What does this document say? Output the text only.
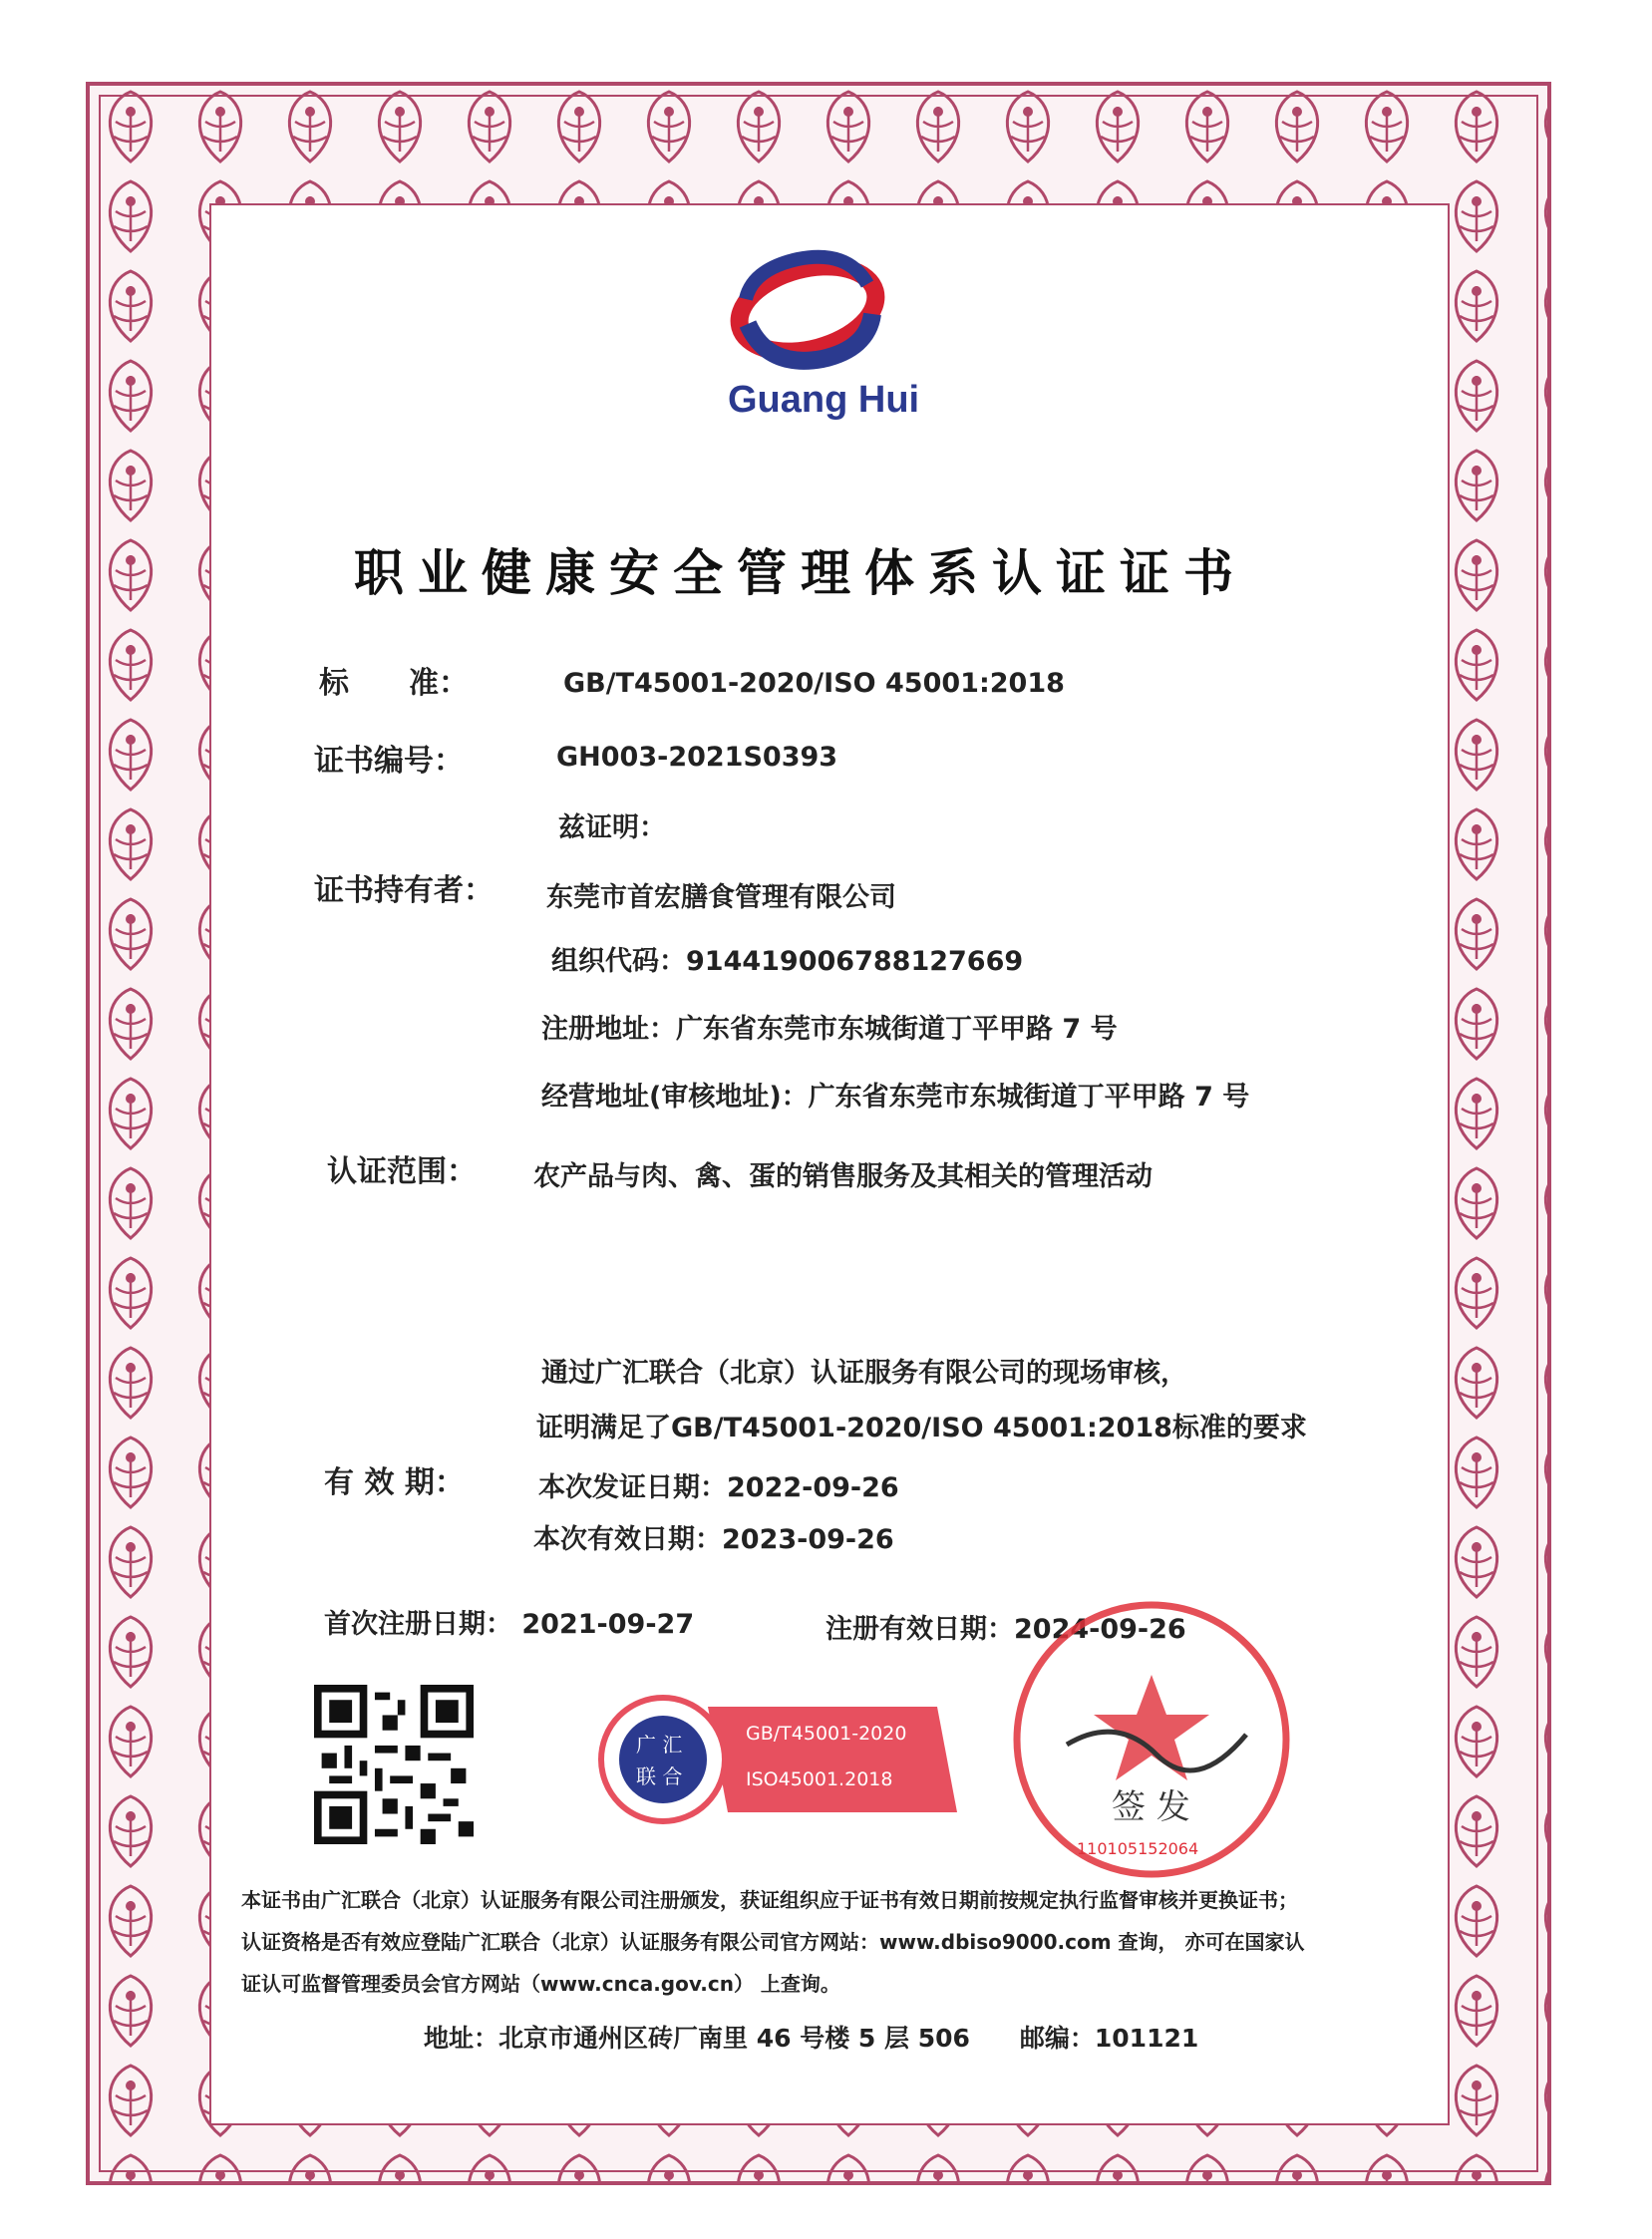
Guang Hui
职业健康安全管理体系认证证书
标　　准：	GB/T45001-2020/ISO 45001:2018
证书编号：	GH003-2021S0393
兹证明：
证书持有者： 东莞市首宏膳食管理有限公司
组织代码：914419006788127669
注册地址：广东省东莞市东城街道丁平甲路 7 号
经营地址(审核地址)：广东省东莞市东城街道丁平甲路 7 号
认证范围： 农产品与肉、禽、蛋的销售服务及其相关的管理活动
通过广汇联合（北京）认证服务有限公司的现场审核，
证明满足了GB/T45001-2020/ISO 45001:2018标准的要求
有 效 期：	本次发证日期：2022-09-26
本次有效日期：2023-09-26
首次注册日期： 2021-09-27	注册有效日期：2024-09-26
广 汇
联 合
GB/T45001-2020
ISO45001.2018
签 发
110105152064
本证书由广汇联合（北京）认证服务有限公司注册颁发，获证组织应于证书有效日期前按规定执行监督审核并更换证书；
认证资格是否有效应登陆广汇联合（北京）认证服务有限公司官方网站：www.dbiso9000.com 查询， 亦可在国家认
证认可监督管理委员会官方网站（www.cnca.gov.cn） 上查询。
地址：北京市通州区砖厂南里 46 号楼 5 层 506　　邮编：101121
